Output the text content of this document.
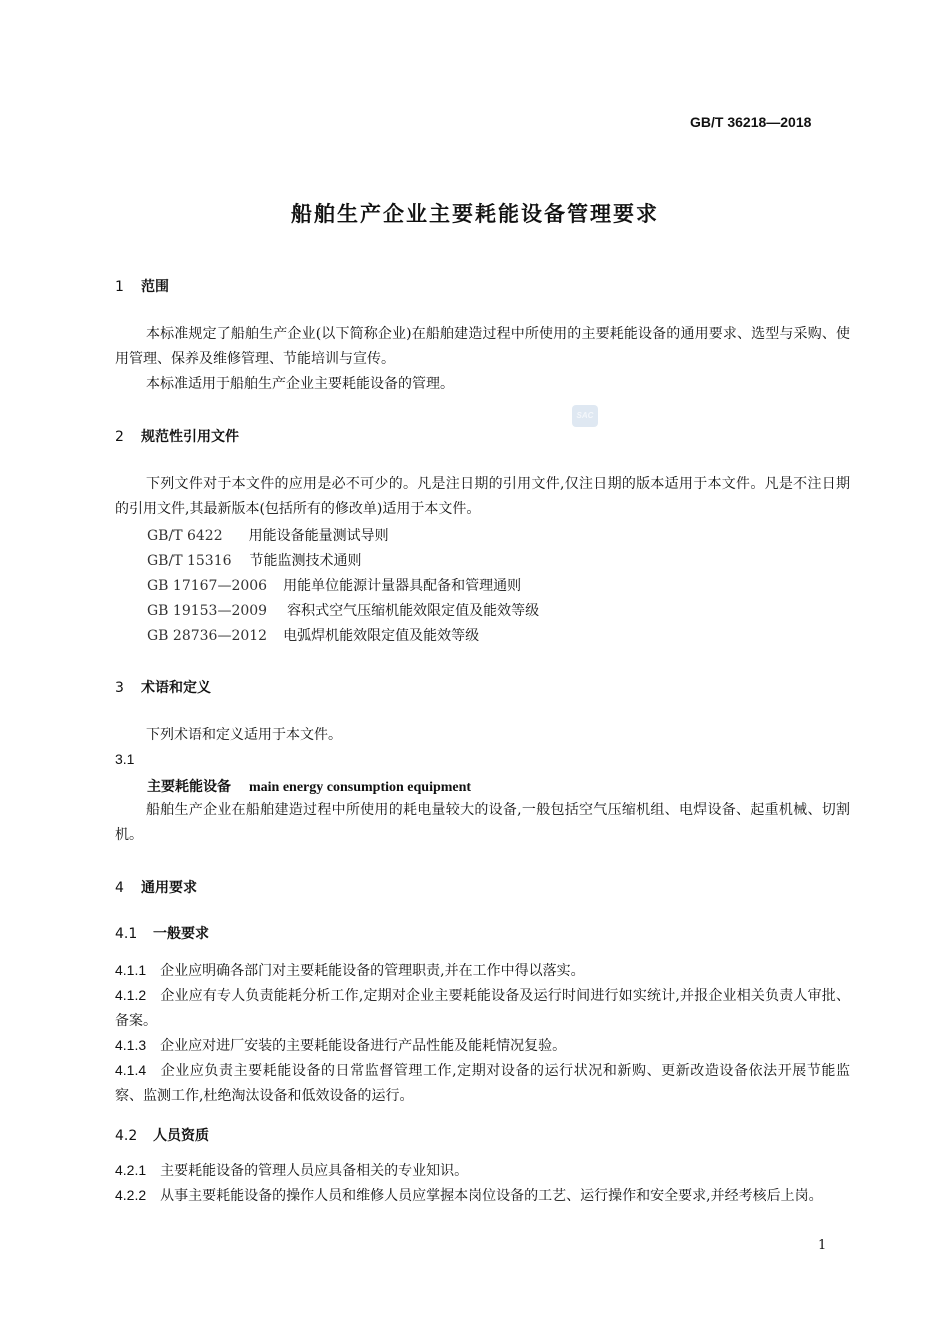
GB/T 36218—2018
船舶生产企业主要耗能设备管理要求
SAC
1 范围

本标准规定了船舶生产企业(以下简称企业)在船舶建造过程中所使用的主要耗能设备的通用要求、选型与采购、使用管理、保养及维修管理、节能培训与宣传。

本标准适用于船舶生产企业主要耗能设备的管理。

2 规范性引用文件

下列文件对于本文件的应用是必不可少的。凡是注日期的引用文件,仅注日期的版本适用于本文件。凡是不注日期的引用文件,其最新版本(包括所有的修改单)适用于本文件。

GB/T 6422 用能设备能量测试导则
GB/T 15316 节能监测技术通则
GB 17167—2006 用能单位能源计量器具配备和管理通则
GB 19153—2009 容积式空气压缩机能效限定值及能效等级
GB 28736—2012 电弧焊机能效限定值及能效等级
3 术语和定义

下列术语和定义适用于本文件。

3.1
主要耗能设备 main energy consumption equipment

船舶生产企业在船舶建造过程中所使用的耗电量较大的设备,一般包括空气压缩机组、电焊设备、起重机械、切割机。

4 通用要求
4.1 一般要求

4.1.1 企业应明确各部门对主要耗能设备的管理职责,并在工作中得以落实。

4.1.2 企业应有专人负责能耗分析工作,定期对企业主要耗能设备及运行时间进行如实统计,并报企业相关负责人审批、备案。

4.1.3 企业应对进厂安装的主要耗能设备进行产品性能及能耗情况复验。

4.1.4 企业应负责主要耗能设备的日常监督管理工作,定期对设备的运行状况和新购、更新改造设备依法开展节能监察、监测工作,杜绝淘汰设备和低效设备的运行。

4.2 人员资质

4.2.1 主要耗能设备的管理人员应具备相关的专业知识。

4.2.2 从事主要耗能设备的操作人员和维修人员应掌握本岗位设备的工艺、运行操作和安全要求,并经考核后上岗。

1
